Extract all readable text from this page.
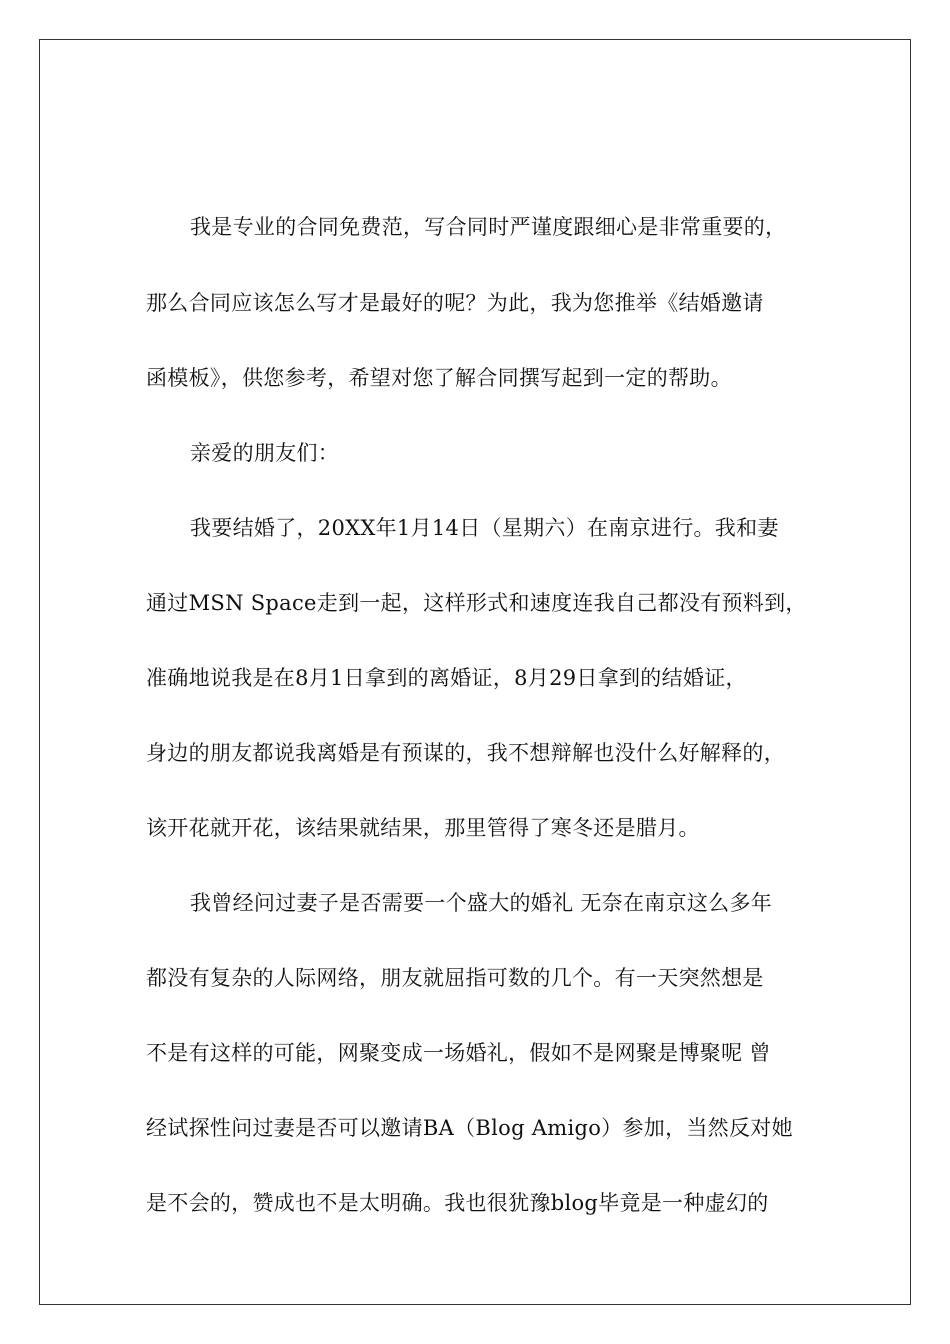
我是专业的合同免费范，写合同时严谨度跟细心是非常重要的，
那么合同应该怎么写才是最好的呢？为此，我为您推举《结婚邀请
函模板》，供您参考，希望对您了解合同撰写起到一定的帮助。
亲爱的朋友们：
我要结婚了，20XX年1月14日（星期六）在南京进行。我和妻
通过MSN Space走到一起，这样形式和速度连我自己都没有预料到，
准确地说我是在8月1日拿到的离婚证，8月29日拿到的结婚证，
身边的朋友都说我离婚是有预谋的，我不想辩解也没什么好解释的，
该开花就开花，该结果就结果，那里管得了寒冬还是腊月。
我曾经问过妻子是否需要一个盛大的婚礼 无奈在南京这么多年
都没有复杂的人际网络，朋友就屈指可数的几个。有一天突然想是
不是有这样的可能，网聚变成一场婚礼，假如不是网聚是博聚呢 曾
经试探性问过妻是否可以邀请BA（Blog Amigo）参加，当然反对她
是不会的，赞成也不是太明确。我也很犹豫blog毕竟是一种虚幻的
